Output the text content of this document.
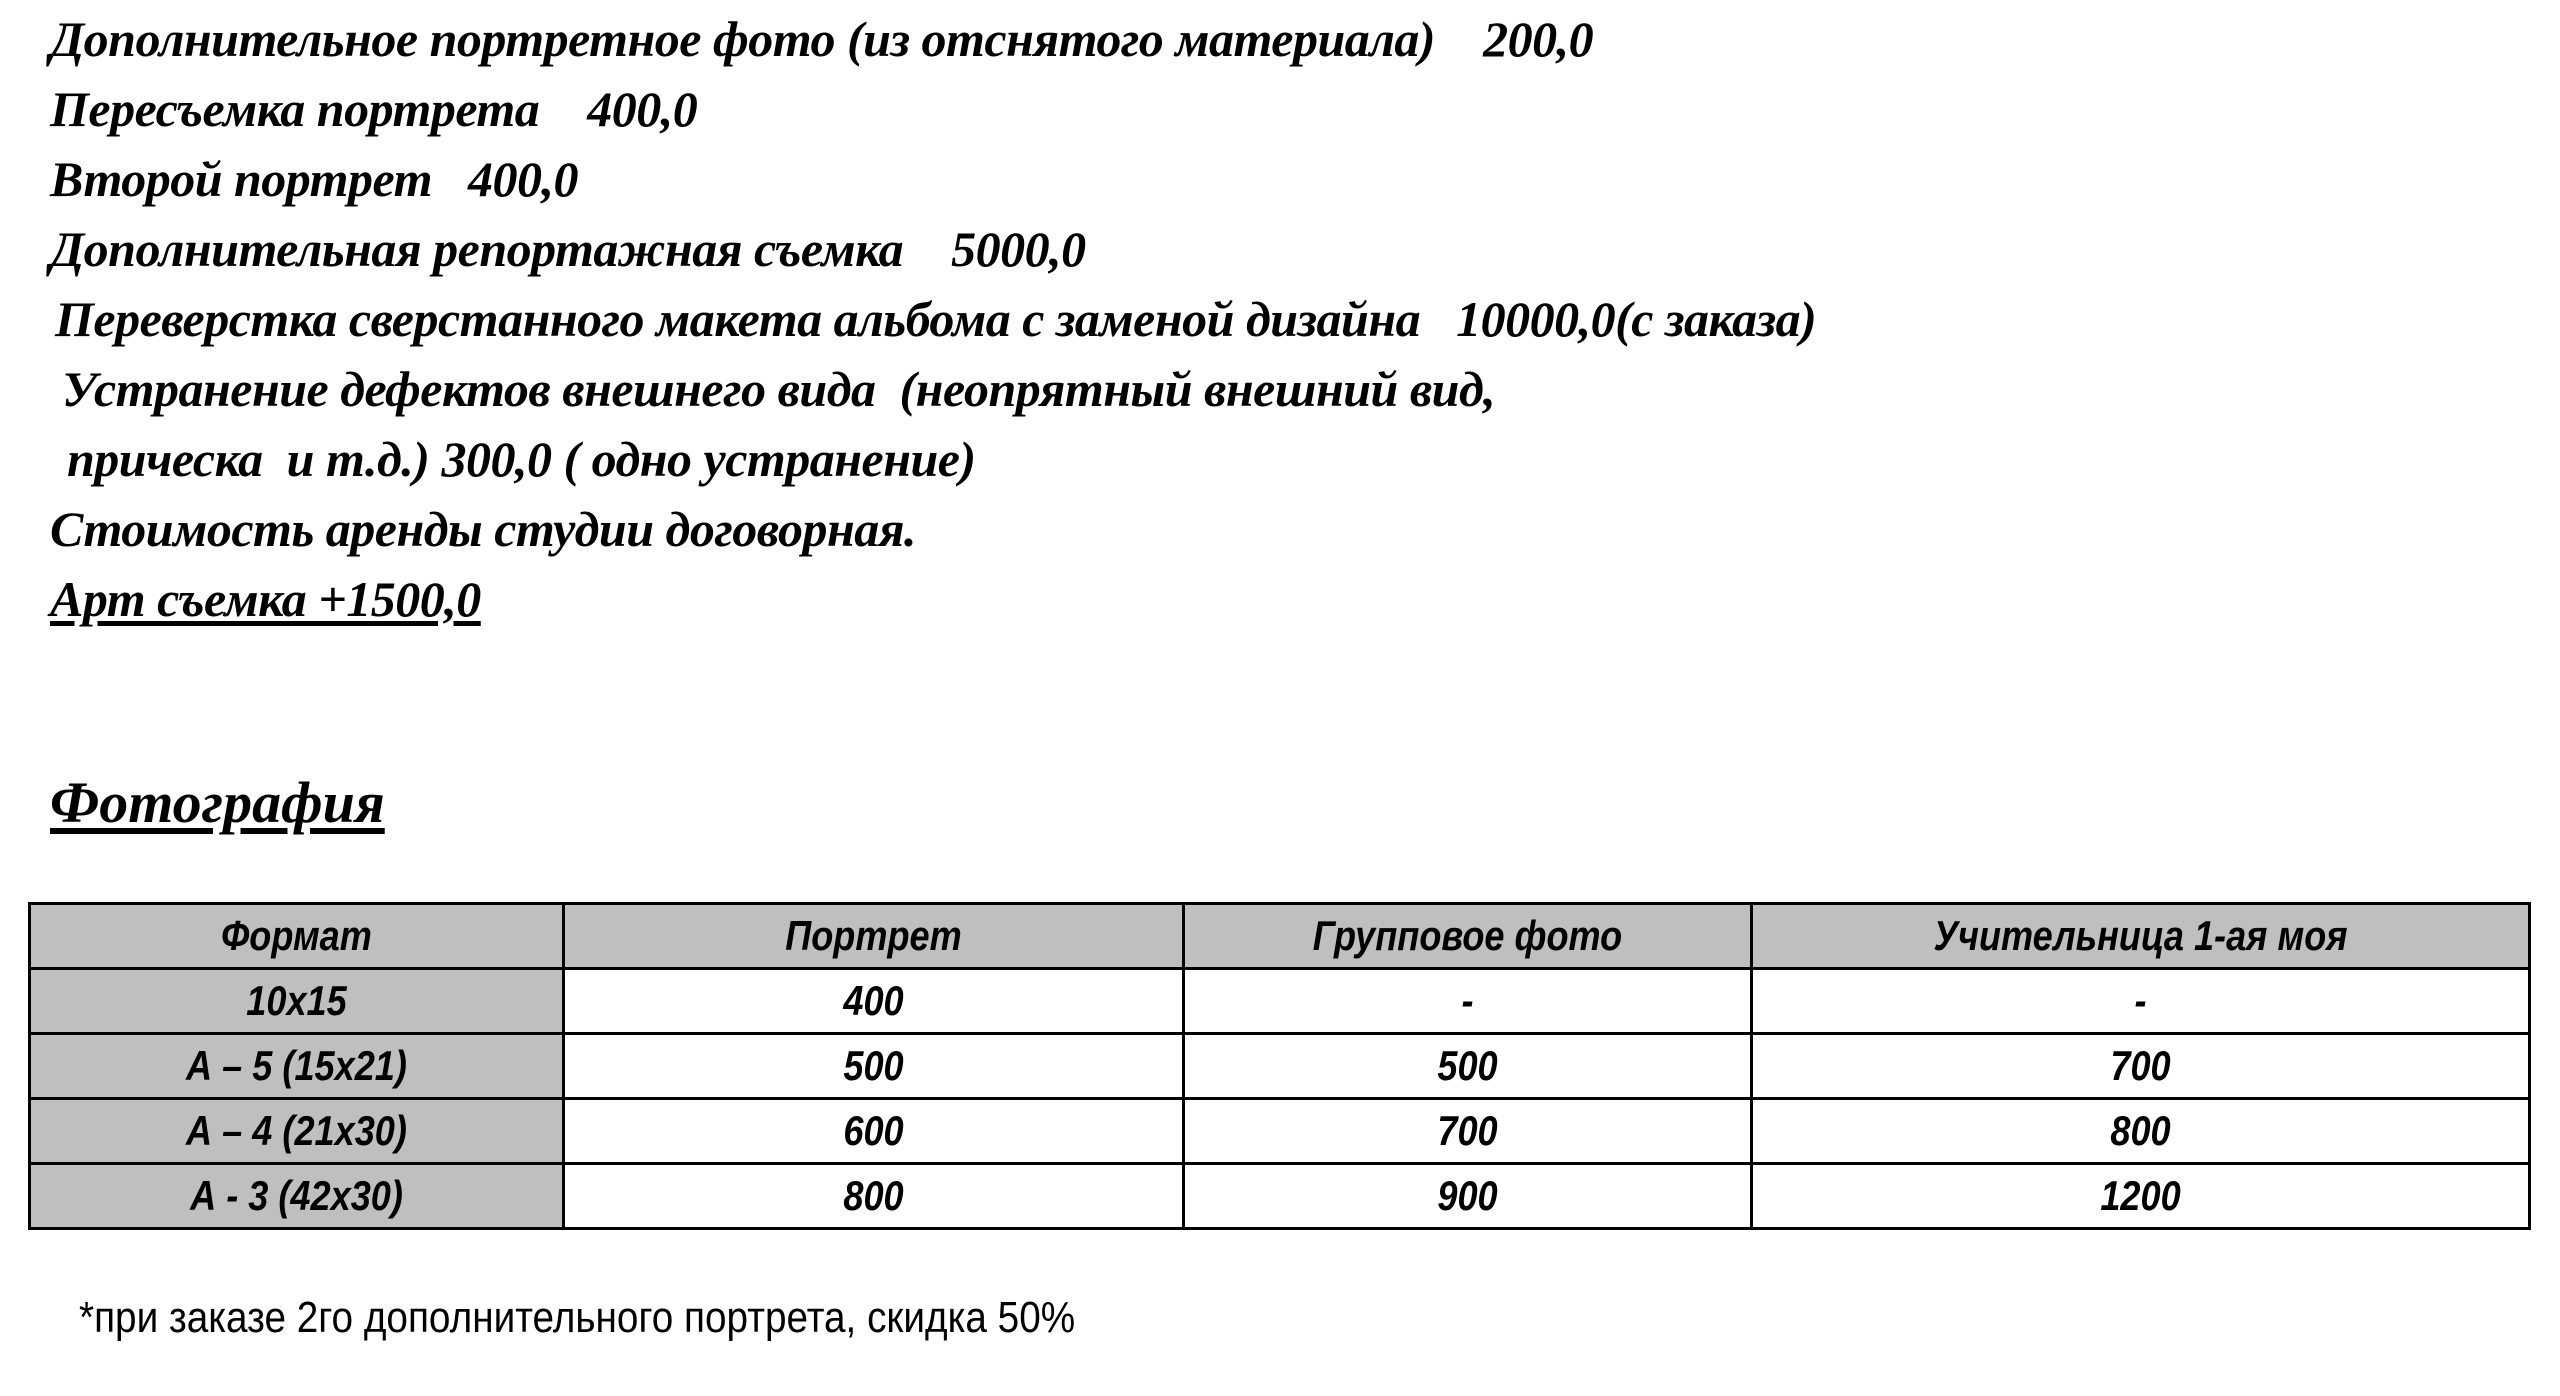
Дополнительное портретное фото (из отснятого материала)    200,0
Пересъемка портрета    400,0
Второй портрет   400,0
Дополнительная репортажная съемка    5000,0
Переверстка сверстанного макета альбома с заменой дизайна   10000,0(с заказа)
Устранение дефектов внешнего вида  (неопрятный внешний вид,
прическа  и т.д.) 300,0 ( одно устранение)
Стоимость аренды студии договорная.
Арт съемка +1500,0
Фотография
Формат	Портрет	Групповое фото	Учительница 1-ая моя

10x15	400	-	-

А – 5 (15х21)	500	500	700

А – 4 (21х30)	600	700	800

А - 3 (42х30)	800	900	1200

*при заказе 2го дополнительного портрета, скидка 50%
